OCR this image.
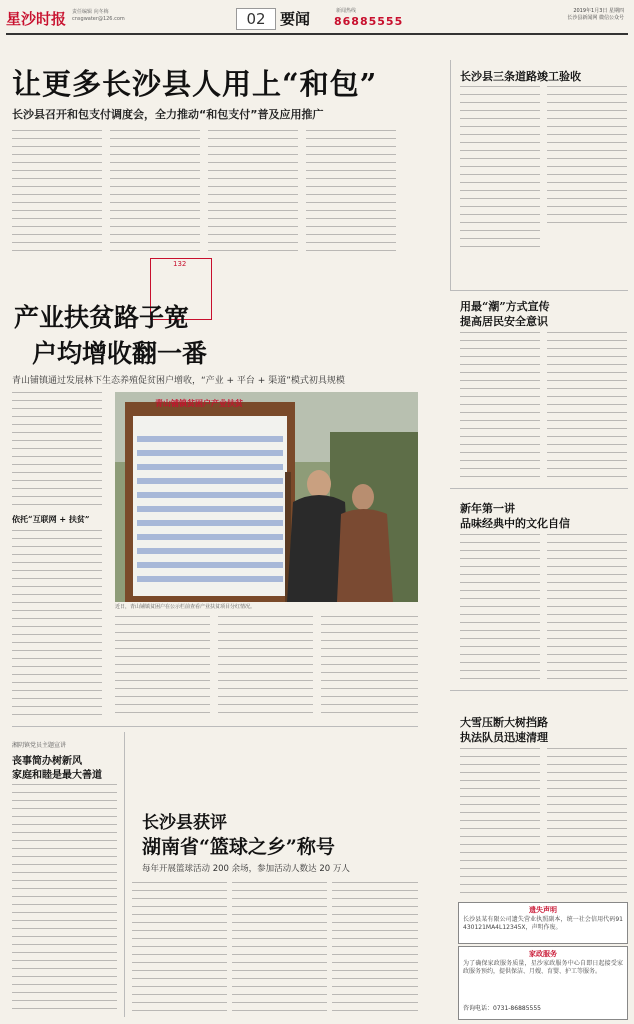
星沙时报 责任编辑 向冬梅
cnsgwater@126.com	02 要闻	新闻热线
86885555
2019年1月3日 星期四
长沙县新闻网 微信公众号
让更多长沙县人用上“和包”
长沙县召开和包支付调度会，全力推动“和包支付”普及应用推广
132
长沙县三条道路竣工验收
产业扶贫路子宽
户均增收翻一番
青山铺镇通过发展林下生态养殖促贫困户增收，“产业 + 平台 + 渠道”模式初具规模
依托“互联网 + 扶贫”
青山铺镇贫困户产业扶贫
近日，青山铺镇贫困户在公示栏前查看产业扶贫项目分红情况。
用最“潮”方式宣传
提高居民安全意识
新年第一讲
品味经典中的文化自信
大雪压断大树挡路
执法队员迅速清理
湘阴镇党员主题宣讲
丧事简办树新风
家庭和睦是最大善道
长沙县获评
湖南省“篮球之乡”称号
每年开展篮球活动 200 余场，参加活动人数达 20 万人
遗失声明
长沙县某有限公司遗失营业执照副本，统一社会信用代码91430121MA4L12345X，声明作废。
家政服务
为了确保家政服务质量，星沙家政服务中心自即日起接受家政服务预约，提供保洁、月嫂、育婴、护工等服务。
咨询电话：0731-86885555
